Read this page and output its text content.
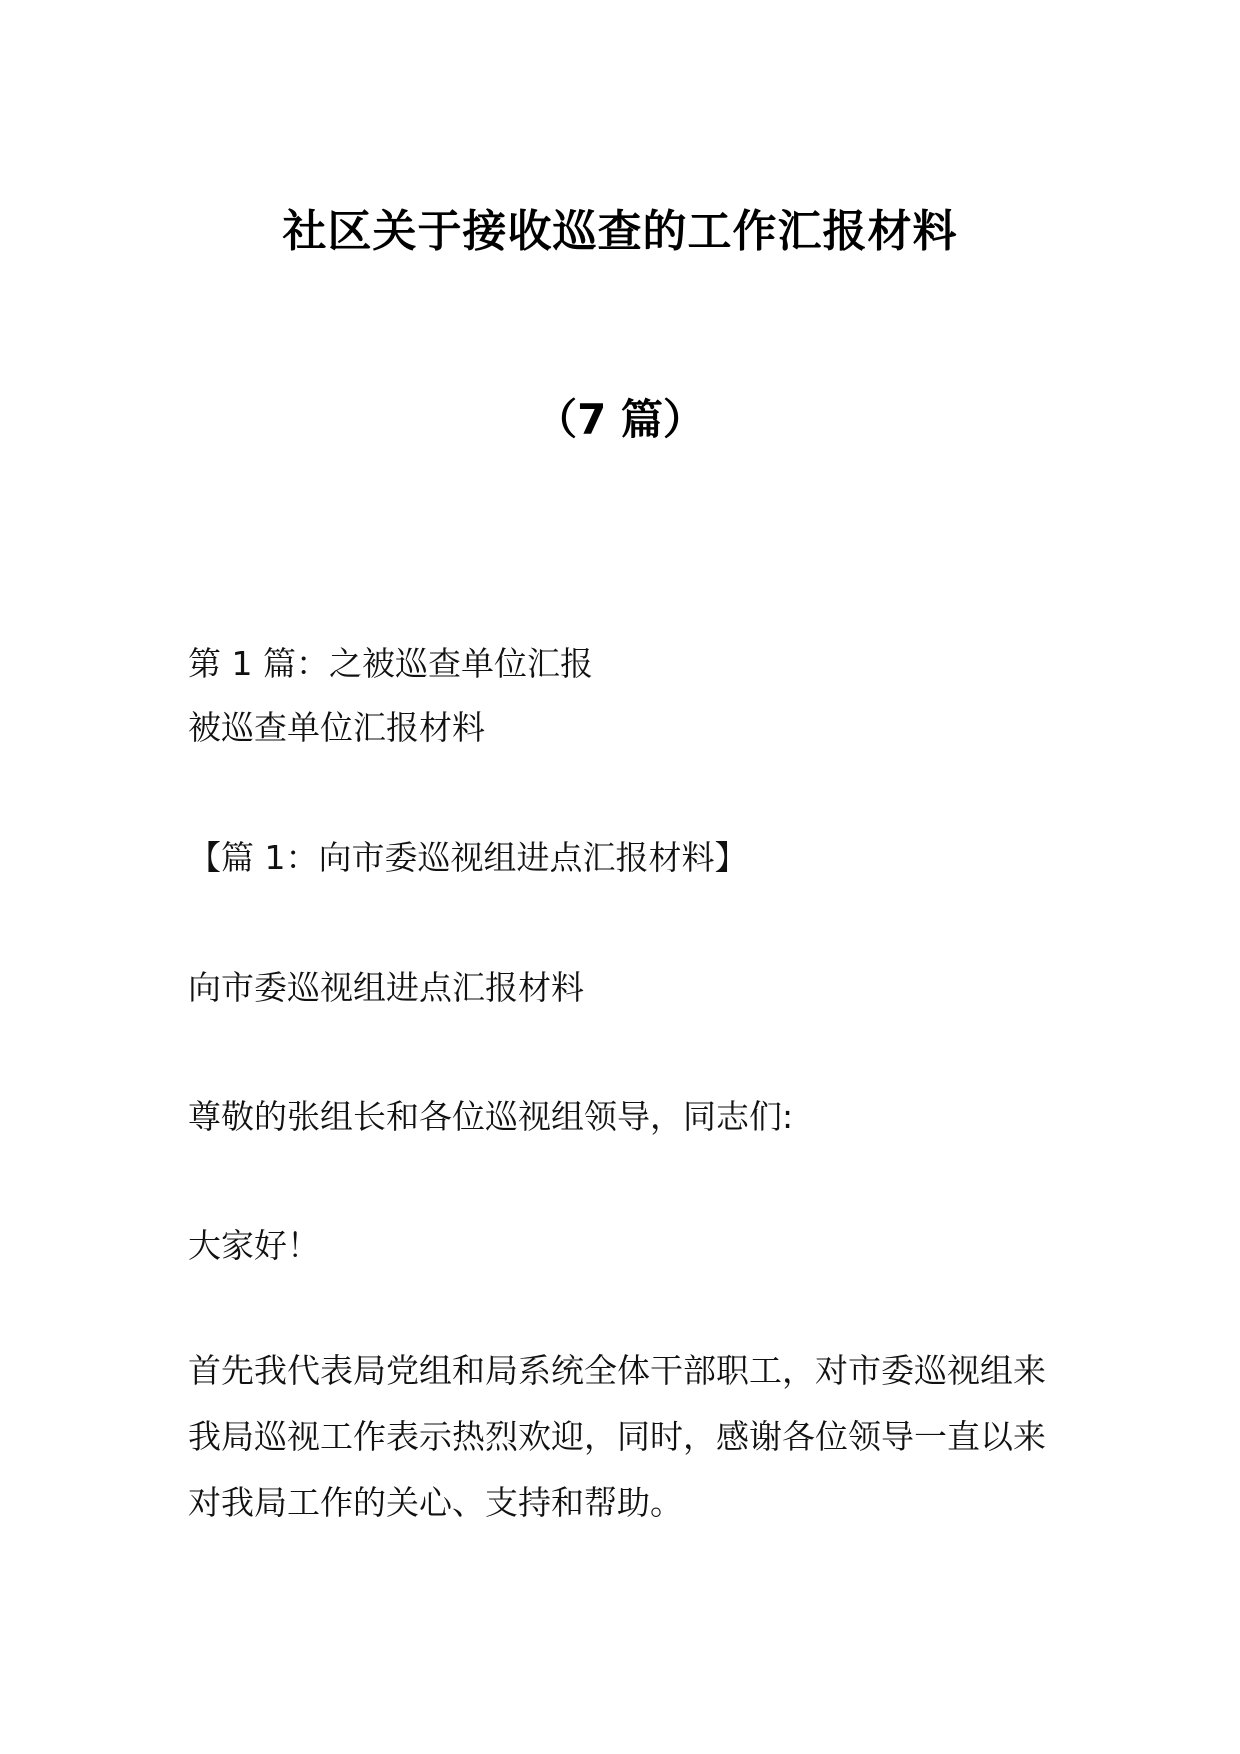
社区关于接收巡查的工作汇报材料
（7 篇）

第 1 篇：之被巡查单位汇报

被巡查单位汇报材料

【篇 1：向市委巡视组进点汇报材料】

向市委巡视组进点汇报材料

尊敬的张组长和各位巡视组领导，同志们:

大家好！

首先我代表局党组和局系统全体干部职工，对市委巡视组来我局巡视工作表示热烈欢迎，同时，感谢各位领导一直以来对我局工作的关心、支持和帮助。
